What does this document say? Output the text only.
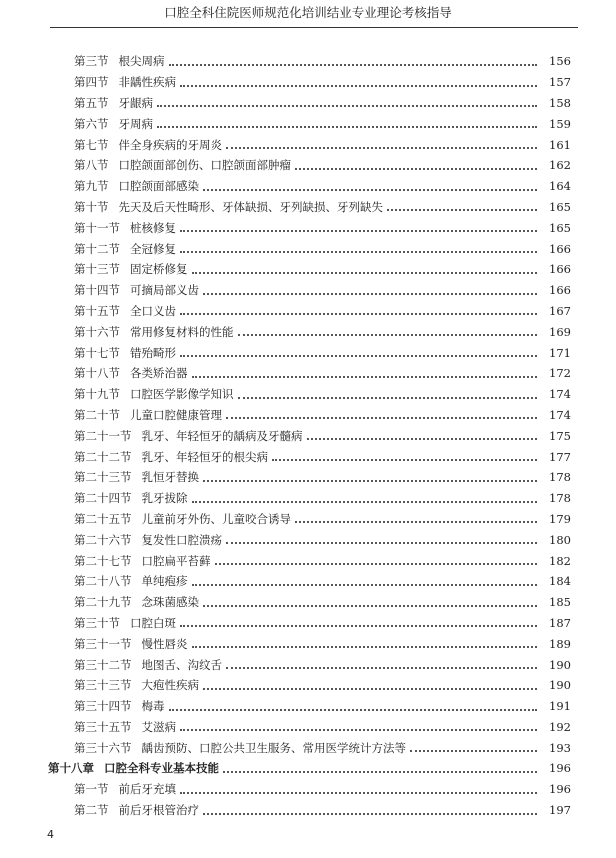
口腔全科住院医师规范化培训结业专业理论考核指导
第三节 根尖周病	156
第四节 非龋性疾病	157
第五节 牙龈病	158
第六节 牙周病	159
第七节 伴全身疾病的牙周炎	161
第八节 口腔颌面部创伤、口腔颌面部肿瘤	162
第九节 口腔颌面部感染	164
第十节 先天及后天性畸形、牙体缺损、牙列缺损、牙列缺失	165
第十一节 桩核修复	165
第十二节 全冠修复	166
第十三节 固定桥修复	166
第十四节 可摘局部义齿	166
第十五节 全口义齿	167
第十六节 常用修复材料的性能	169
第十七节 错殆畸形	171
第十八节 各类矫治器	172
第十九节 口腔医学影像学知识	174
第二十节 儿童口腔健康管理	174
第二十一节 乳牙、年轻恒牙的龋病及牙髓病	175
第二十二节 乳牙、年轻恒牙的根尖病	177
第二十三节 乳恒牙替换	178
第二十四节 乳牙拔除	178
第二十五节 儿童前牙外伤、儿童咬合诱导	179
第二十六节 复发性口腔溃疡	180
第二十七节 口腔扁平苔藓	182
第二十八节 单纯疱疹	184
第二十九节 念珠菌感染	185
第三十节 口腔白斑	187
第三十一节 慢性唇炎	189
第三十二节 地图舌、沟纹舌	190
第三十三节 大疱性疾病	190
第三十四节 梅毒	191
第三十五节 艾滋病	192
第三十六节 龋齿预防、口腔公共卫生服务、常用医学统计方法等	193
第十八章 口腔全科专业基本技能	196
第一节 前后牙充填	196
第二节 前后牙根管治疗	197
4
